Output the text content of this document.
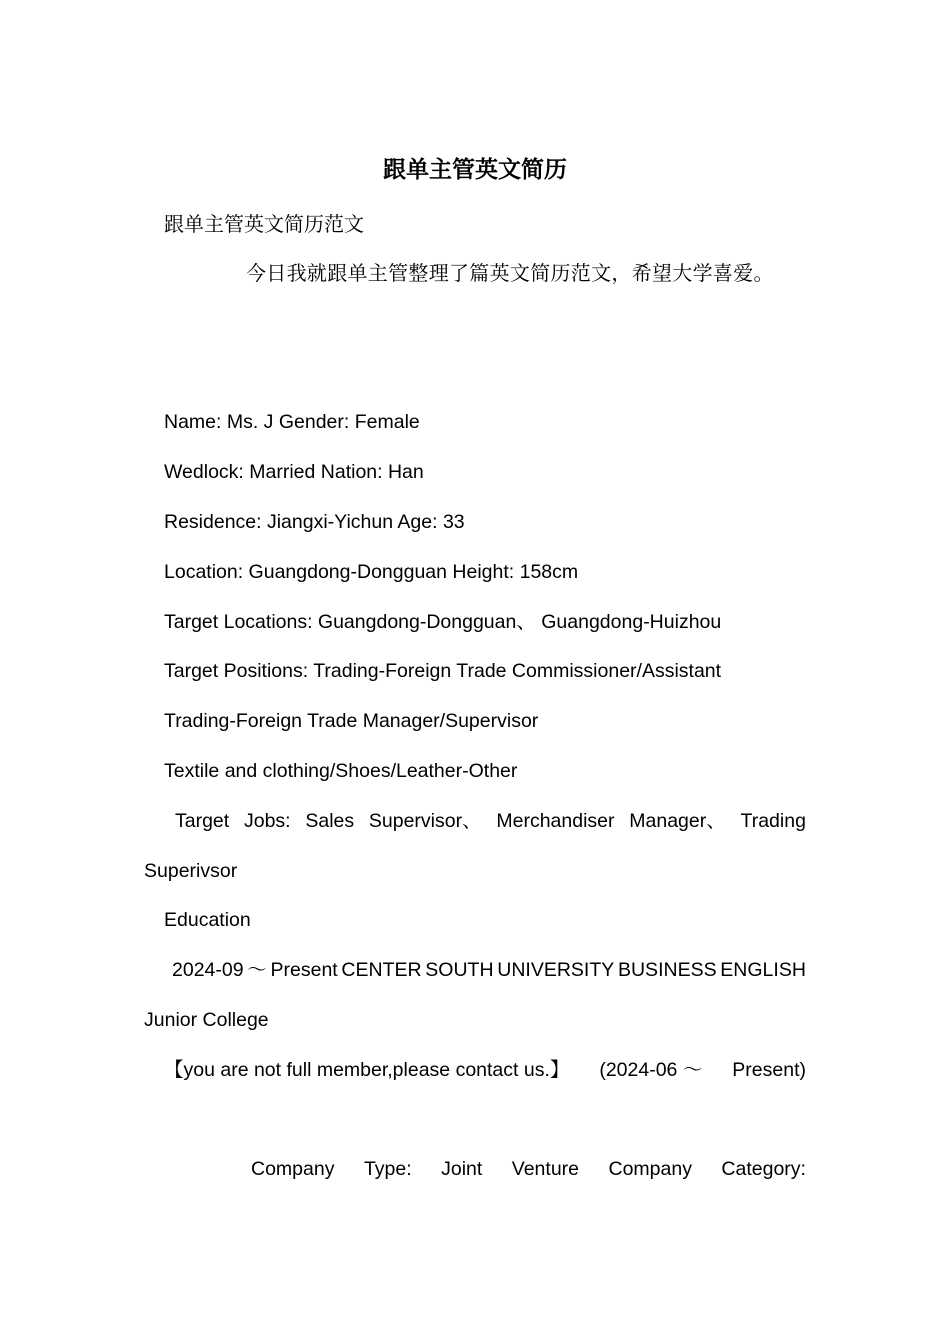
跟单主管英文简历
跟单主管英文简历范文
今日我就跟单主管整理了篇英文简历范文，希望大学喜爱。
Name: Ms. J Gender: Female
Wedlock: Married Nation: Han
Residence: Jiangxi-Yichun Age: 33
Location: Guangdong-Dongguan Height: 158cm
Target Locations: Guangdong-Dongguan、 Guangdong-Huizhou
Target Positions: Trading-Foreign Trade Commissioner/Assistant
Trading-Foreign Trade Manager/Supervisor
Textile and clothing/Shoes/Leather-Other
Target Jobs: Sales Supervisor、 Merchandiser Manager、 Trading
Superivsor
Education
2024-09 ～ Present CENTER SOUTH UNIVERSITY BUSINESS ENGLISH
Junior College
【you are not full member,please contact us.】 (2024-06 ～ Present)
Company Type: Joint Venture Company Category:
